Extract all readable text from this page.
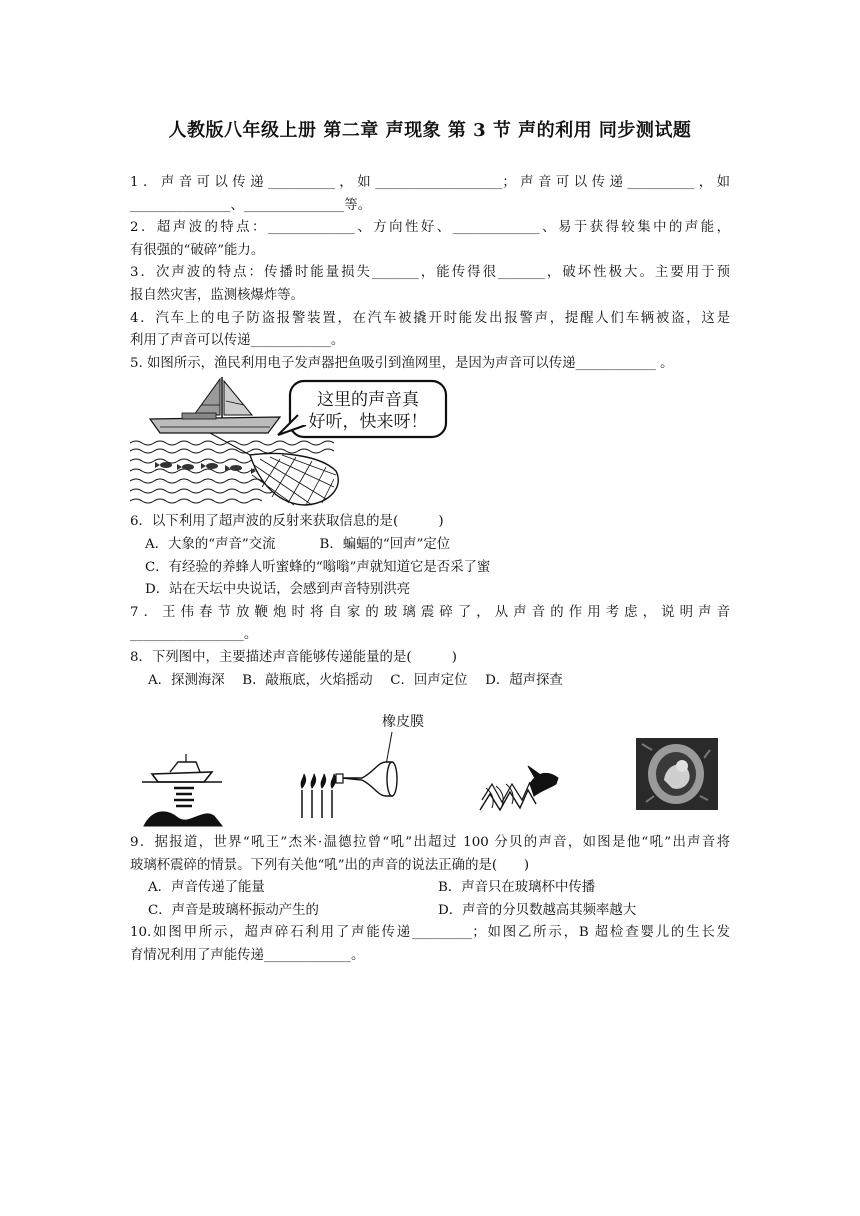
人教版八年级上册 第二章 声现象 第 3 节 声的利用 同步测试题
1．声音可以传递__________，如___________________；声音可以传递__________，如
_______________、_______________等。
2．超声波的特点：_____________、方向性好、_____________、易于获得较集中的声能，
有很强的“破碎”能力。
3．次声波的特点：传播时能量损失_______，能传得很_______，破坏性极大。主要用于预
报自然灾害，监测核爆炸等。
4．汽车上的电子防盗报警装置，在汽车被撬开时能发出报警声，提醒人们车辆被盗，这是
利用了声音可以传递____________。
5. 如图所示，渔民利用电子发声器把鱼吸引到渔网里，是因为声音可以传递____________ 。
这里的声音真
好听，快来呀！
6．以下利用了超声波的反射来获取信息的是(　　　)
A．大象的“声音”交流	B．蝙蝠的“回声”定位
C．有经验的养蜂人听蜜蜂的“嗡嗡”声就知道它是否采了蜜
D．站在天坛中央说话，会感到声音特别洪亮
7．王伟春节放鞭炮时将自家的玻璃震碎了，从声音的作用考虑，说明声音
_________________。
8．下列图中，主要描述声音能够传递能量的是(　　　)
A．探测海深　 B．敲瓶底，火焰摇动　 C．回声定位　 D．超声探查
橡皮膜
9．据报道，世界“吼王”杰米·温德拉曾“吼”出超过 100 分贝的声音，如图是他“吼”出声音将
玻璃杯震碎的情景。下列有关他“吼”出的声音的说法正确的是(　　)
A．声音传递了能量	B．声音只在玻璃杯中传播
C．声音是玻璃杯振动产生的	D．声音的分贝数越高其频率越大
10.如图甲所示，超声碎石利用了声能传递_________；如图乙所示，B 超检查婴儿的生长发
育情况利用了声能传递_____________。
